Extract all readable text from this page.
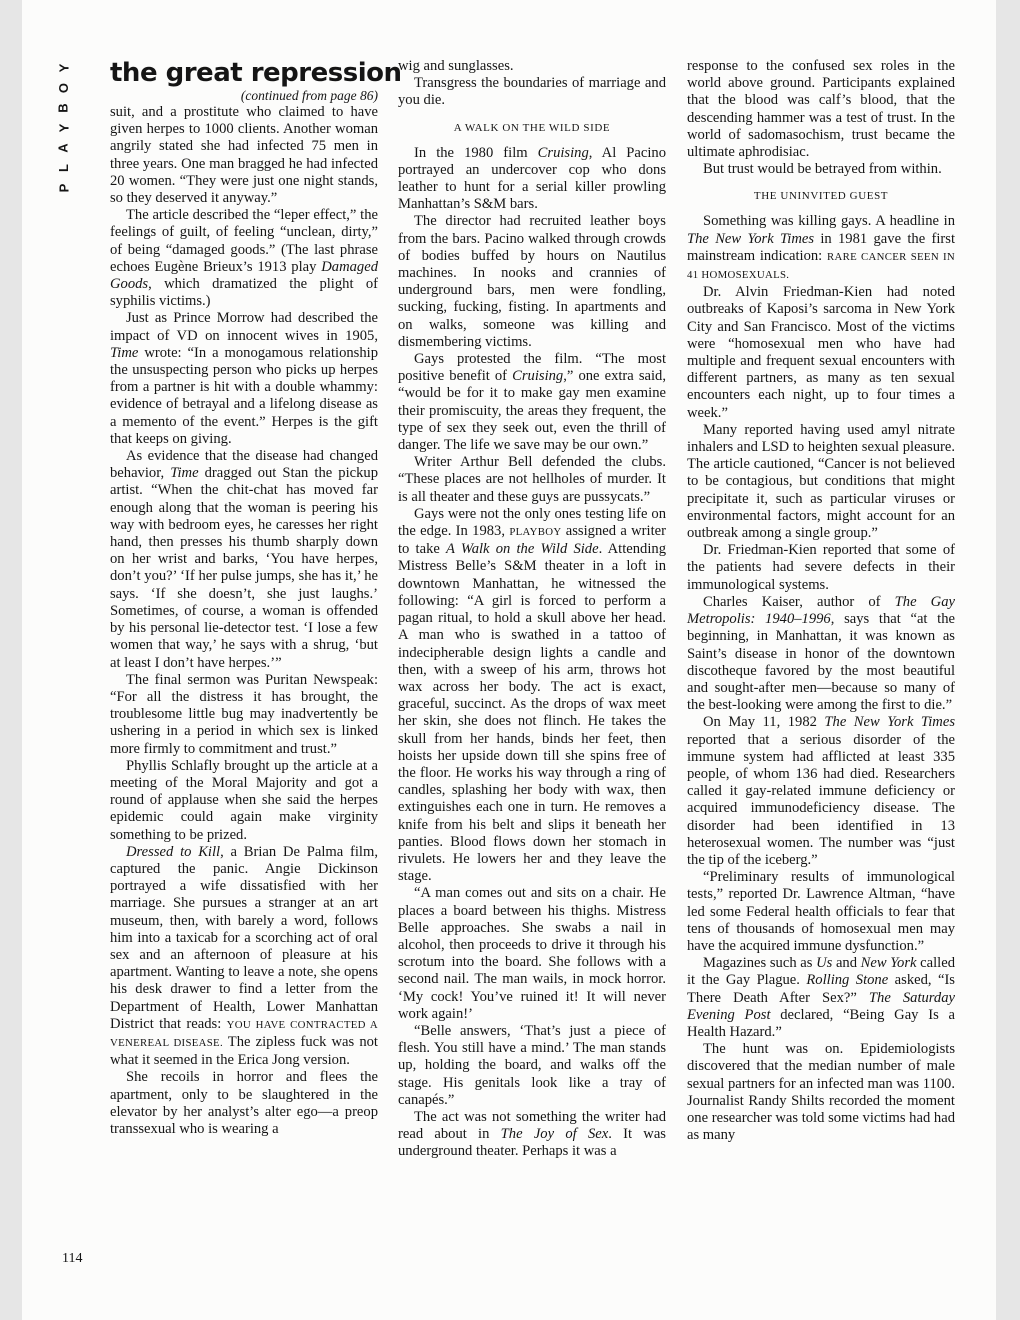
Y
O
B
Y
A
L
P
114
the great repression
(continued from page 86)

suit, and a prostitute who claimed to have given herpes to 1000 clients. Another woman angrily stated she had infected 75 men in three years. One man bragged he had infected 20 women. “They were just one night stands, so they deserved it anyway.”

The article described the “leper effect,” the feelings of guilt, of feeling “unclean, dirty,” of being “damaged goods.” (The last phrase echoes Eugène Brieux’s 1913 play Damaged Goods, which dramatized the plight of syphilis victims.)

Just as Prince Morrow had described the impact of VD on innocent wives in 1905, Time wrote: “In a monogamous relationship the unsuspecting person who picks up herpes from a partner is hit with a double whammy: evidence of betrayal and a lifelong disease as a memento of the event.” Herpes is the gift that keeps on giving.

As evidence that the disease had changed behavior, Time dragged out Stan the pickup artist. “When the chit-chat has moved far enough along that the woman is peering his way with bedroom eyes, he caresses her right hand, then presses his thumb sharply down on her wrist and barks, ‘You have herpes, don’t you?’ ‘If her pulse jumps, she has it,’ he says. ‘If she doesn’t, she just laughs.’ Sometimes, of course, a woman is offended by his personal lie-detector test. ‘I lose a few women that way,’ he says with a shrug, ‘but at least I don’t have herpes.’”

The final sermon was Puritan Newspeak: “For all the distress it has brought, the troublesome little bug may inadvertently be ushering in a period in which sex is linked more firmly to commitment and trust.”

Phyllis Schlafly brought up the article at a meeting of the Moral Majority and got a round of applause when she said the herpes epidemic could again make virginity something to be prized.

Dressed to Kill, a Brian De Palma film, captured the panic. Angie Dickinson portrayed a wife dissatisfied with her marriage. She pursues a stranger at an art museum, then, with barely a word, follows him into a taxicab for a scorching act of oral sex and an afternoon of pleasure at his apartment. Wanting to leave a note, she opens his desk drawer to find a letter from the Department of Health, Lower Manhattan District that reads: YOU HAVE CONTRACTED A VENEREAL DISEASE. The zipless fuck was not what it seemed in the Erica Jong version.

She recoils in horror and flees the apartment, only to be slaughtered in the elevator by her analyst’s alter ego—a preop transsexual who is wearing a

wig and sunglasses.

Transgress the boundaries of marriage and you die.

A WALK ON THE WILD SIDE

In the 1980 film Cruising, Al Pacino portrayed an undercover cop who dons leather to hunt for a serial killer prowling Manhattan’s S&M bars.

The director had recruited leather boys from the bars. Pacino walked through crowds of bodies buffed by hours on Nautilus machines. In nooks and crannies of underground bars, men were fondling, sucking, fucking, fisting. In apartments and on walks, someone was killing and dismembering victims.

Gays protested the film. “The most positive benefit of Cruising,” one extra said, “would be for it to make gay men examine their promiscuity, the areas they frequent, the type of sex they seek out, even the thrill of danger. The life we save may be our own.”

Writer Arthur Bell defended the clubs. “These places are not hellholes of murder. It is all theater and these guys are pussycats.”

Gays were not the only ones testing life on the edge. In 1983, PLAYBOY assigned a writer to take A Walk on the Wild Side. Attending Mistress Belle’s S&M theater in a loft in downtown Manhattan, he witnessed the following: “A girl is forced to perform a pagan ritual, to hold a skull above her head. A man who is swathed in a tattoo of indecipherable design lights a candle and then, with a sweep of his arm, throws hot wax across her body. The act is exact, graceful, succinct. As the drops of wax meet her skin, she does not flinch. He takes the skull from her hands, binds her feet, then hoists her upside down till she spins free of the floor. He works his way through a ring of candles, splashing her body with wax, then extinguishes each one in turn. He removes a knife from his belt and slips it beneath her panties. Blood flows down her stomach in rivulets. He lowers her and they leave the stage.

“A man comes out and sits on a chair. He places a board between his thighs. Mistress Belle approaches. She swabs a nail in alcohol, then proceeds to drive it through his scrotum into the board. She follows with a second nail. The man wails, in mock horror. ‘My cock! You’ve ruined it! It will never work again!’

“Belle answers, ‘That’s just a piece of flesh. You still have a mind.’ The man stands up, holding the board, and walks off the stage. His genitals look like a tray of canapés.”

The act was not something the writer had read about in The Joy of Sex. It was underground theater. Perhaps it was a

response to the confused sex roles in the world above ground. Participants explained that the blood was calf’s blood, that the descending hammer was a test of trust. In the world of sadomasochism, trust became the ultimate aphrodisiac.

But trust would be betrayed from within.

THE UNINVITED GUEST

Something was killing gays. A headline in The New York Times in 1981 gave the first mainstream indication: RARE CANCER SEEN IN 41 HOMOSEXUALS.

Dr. Alvin Friedman-Kien had noted outbreaks of Kaposi’s sarcoma in New York City and San Francisco. Most of the victims were “homosexual men who have had multiple and frequent sexual encounters with different partners, as many as ten sexual encounters each night, up to four times a week.”

Many reported having used amyl nitrate inhalers and LSD to heighten sexual pleasure. The article cautioned, “Cancer is not believed to be contagious, but conditions that might precipitate it, such as particular viruses or environmental factors, might account for an outbreak among a single group.”

Dr. Friedman-Kien reported that some of the patients had severe defects in their immunological systems.

Charles Kaiser, author of The Gay Metropolis: 1940–1996, says that “at the beginning, in Manhattan, it was known as Saint’s disease in honor of the downtown discotheque favored by the most beautiful and sought-after men—because so many of the best-looking were among the first to die.”

On May 11, 1982 The New York Times reported that a serious disorder of the immune system had afflicted at least 335 people, of whom 136 had died. Researchers called it gay-related immune deficiency or acquired immunodeficiency disease. The disorder had been identified in 13 heterosexual women. The number was “just the tip of the iceberg.”

“Preliminary results of immunological tests,” reported Dr. Lawrence Altman, “have led some Federal health officials to fear that tens of thousands of homosexual men may have the acquired immune dysfunction.”

Magazines such as Us and New York called it the Gay Plague. Rolling Stone asked, “Is There Death After Sex?” The Saturday Evening Post declared, “Being Gay Is a Health Hazard.”

The hunt was on. Epidemiologists discovered that the median number of male sexual partners for an infected man was 1100. Journalist Randy Shilts recorded the moment one researcher was told some victims had had as many
